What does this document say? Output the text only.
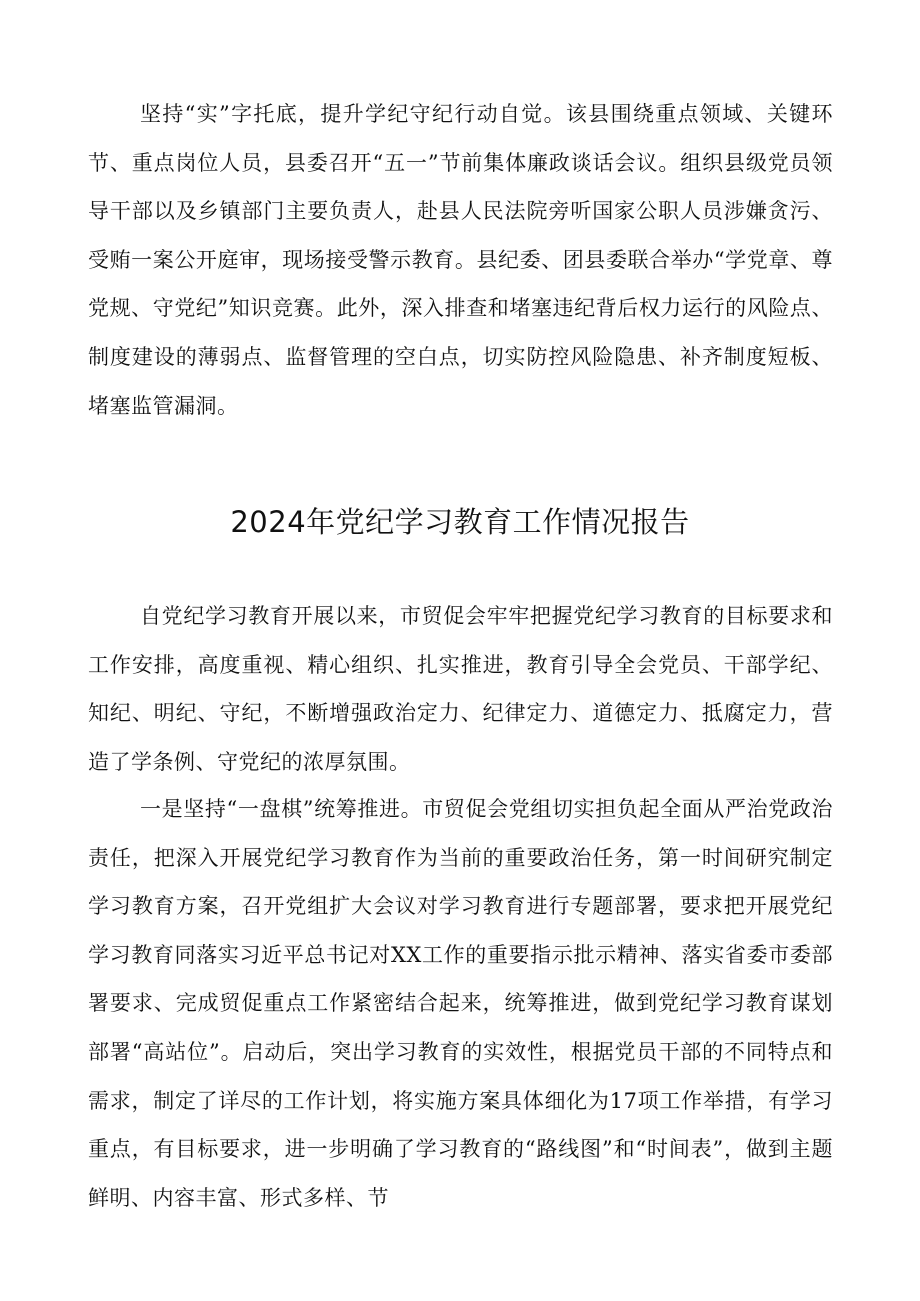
坚持“实”字托底，提升学纪守纪行动自觉。该县围绕重点领域、关键环节、重点岗位人员，县委召开“五一”节前集体廉政谈话会议。组织县级党员领导干部以及乡镇部门主要负责人，赴县人民法院旁听国家公职人员涉嫌贪污、受贿一案公开庭审，现场接受警示教育。县纪委、团县委联合举办“学党章、尊党规、守党纪”知识竞赛。此外，深入排查和堵塞违纪背后权力运行的风险点、制度建设的薄弱点、监督管理的空白点，切实防控风险隐患、补齐制度短板、堵塞监管漏洞。

2024年党纪学习教育工作情况报告

自党纪学习教育开展以来，市贸促会牢牢把握党纪学习教育的目标要求和工作安排，高度重视、精心组织、扎实推进，教育引导全会党员、干部学纪、知纪、明纪、守纪，不断增强政治定力、纪律定力、道德定力、抵腐定力，营造了学条例、守党纪的浓厚氛围。

一是坚持“一盘棋”统筹推进。市贸促会党组切实担负起全面从严治党政治责任，把深入开展党纪学习教育作为当前的重要政治任务，第一时间研究制定学习教育方案，召开党组扩大会议对学习教育进行专题部署，要求把开展党纪学习教育同落实习近平总书记对XX工作的重要指示批示精神、落实省委市委部署要求、完成贸促重点工作紧密结合起来，统筹推进，做到党纪学习教育谋划部署“高站位”。启动后，突出学习教育的实效性，根据党员干部的不同特点和需求，制定了详尽的工作计划，将实施方案具体细化为17项工作举措，有学习重点，有目标要求，进一步明确了学习教育的“路线图”和“时间表”，做到主题鲜明、内容丰富、形式多样、节
